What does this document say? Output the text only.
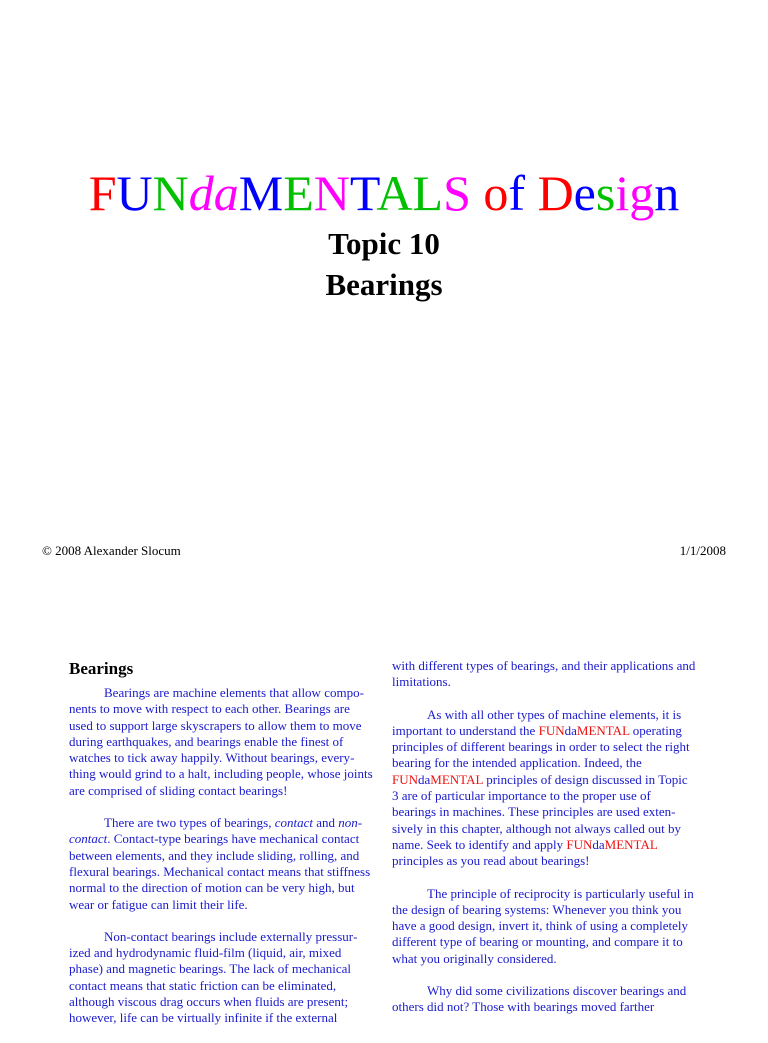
FUNdaMENTALS of Design
Topic 10
Bearings
© 2008 Alexander Slocum	1/1/2008
Bearings
Bearings are machine elements that allow components to move with respect to each other. Bearings are used to support large skyscrapers to allow them to move during earthquakes, and bearings enable the finest of watches to tick away happily. Without bearings, everything would grind to a halt, including people, whose joints are comprised of sliding contact bearings!
There are two types of bearings, contact and non-contact. Contact-type bearings have mechanical contact between elements, and they include sliding, rolling, and flexural bearings. Mechanical contact means that stiffness normal to the direction of motion can be very high, but wear or fatigue can limit their life.
Non-contact bearings include externally pressurized and hydrodynamic fluid-film (liquid, air, mixed phase) and magnetic bearings. The lack of mechanical contact means that static friction can be eliminated, although viscous drag occurs when fluids are present; however, life can be virtually infinite if the external
with different types of bearings, and their applications and limitations.
As with all other types of machine elements, it is important to understand the FUNdaMENTAL operating principles of different bearings in order to select the right bearing for the intended application. Indeed, the FUNdaMENTAL principles of design discussed in Topic 3 are of particular importance to the proper use of bearings in machines. These principles are used extensively in this chapter, although not always called out by name. Seek to identify and apply FUNdaMENTAL principles as you read about bearings!
The principle of reciprocity is particularly useful in the design of bearing systems: Whenever you think you have a good design, invert it, think of using a completely different type of bearing or mounting, and compare it to what you originally considered.
Why did some civilizations discover bearings and others did not? Those with bearings moved farther
